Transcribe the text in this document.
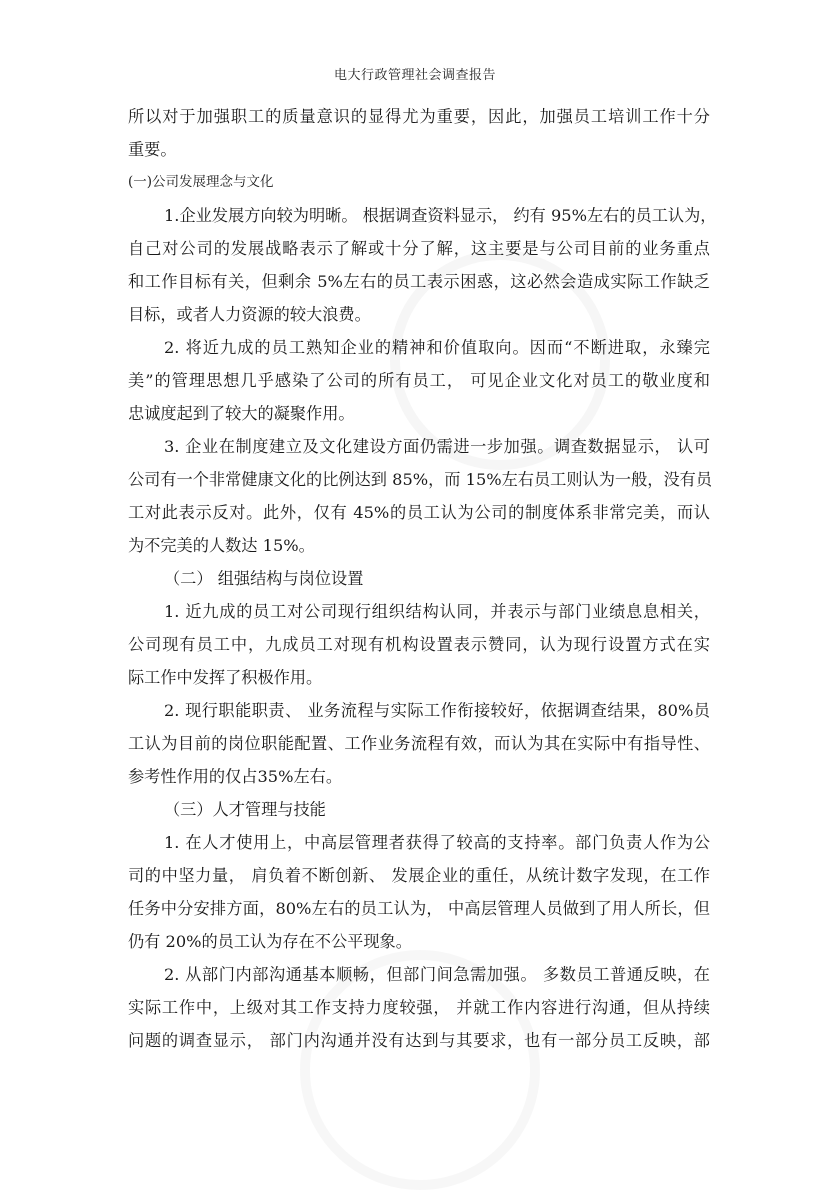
电大行政管理社会调查报告
所以对于加强职工的质量意识的显得尤为重要，因此，加强员工培训工作十分
重要。
(一)公司发展理念与文化
1.企业发展方向较为明晰。 根据调查资料显示， 约有 95%左右的员工认为，
自己对公司的发展战略表示了解或十分了解，这主要是与公司目前的业务重点
和工作目标有关，但剩余 5%左右的员工表示困惑，这必然会造成实际工作缺乏
目标，或者人力资源的较大浪费。
2. 将近九成的员工熟知企业的精神和价值取向。因而“不断进取，永臻完
美”的管理思想几乎感染了公司的所有员工， 可见企业文化对员工的敬业度和
忠诚度起到了较大的凝聚作用。
3. 企业在制度建立及文化建设方面仍需进一步加强。调查数据显示， 认可
公司有一个非常健康文化的比例达到 85%，而 15%左右员工则认为一般，没有员
工对此表示反对。此外，仅有 45%的员工认为公司的制度体系非常完美，而认
为不完美的人数达 15%。
（二） 组强结构与岗位设置
1. 近九成的员工对公司现行组织结构认同，并表示与部门业绩息息相关，
公司现有员工中，九成员工对现有机构设置表示赞同，认为现行设置方式在实
际工作中发挥了积极作用。
2. 现行职能职责、 业务流程与实际工作衔接较好，依据调查结果，80%员
工认为目前的岗位职能配置、工作业务流程有效，而认为其在实际中有指导性、
参考性作用的仅占35%左右。
（三）人才管理与技能
1. 在人才使用上，中高层管理者获得了较高的支持率。部门负责人作为公
司的中坚力量， 肩负着不断创新、 发展企业的重任，从统计数字发现，在工作
任务中分安排方面，80%左右的员工认为， 中高层管理人员做到了用人所长，但
仍有 20%的员工认为存在不公平现象。
2. 从部门内部沟通基本顺畅，但部门间急需加强。 多数员工普通反映，在
实际工作中，上级对其工作支持力度较强， 并就工作内容进行沟通，但从持续
问题的调查显示， 部门内沟通并没有达到与其要求，也有一部分员工反映，部
